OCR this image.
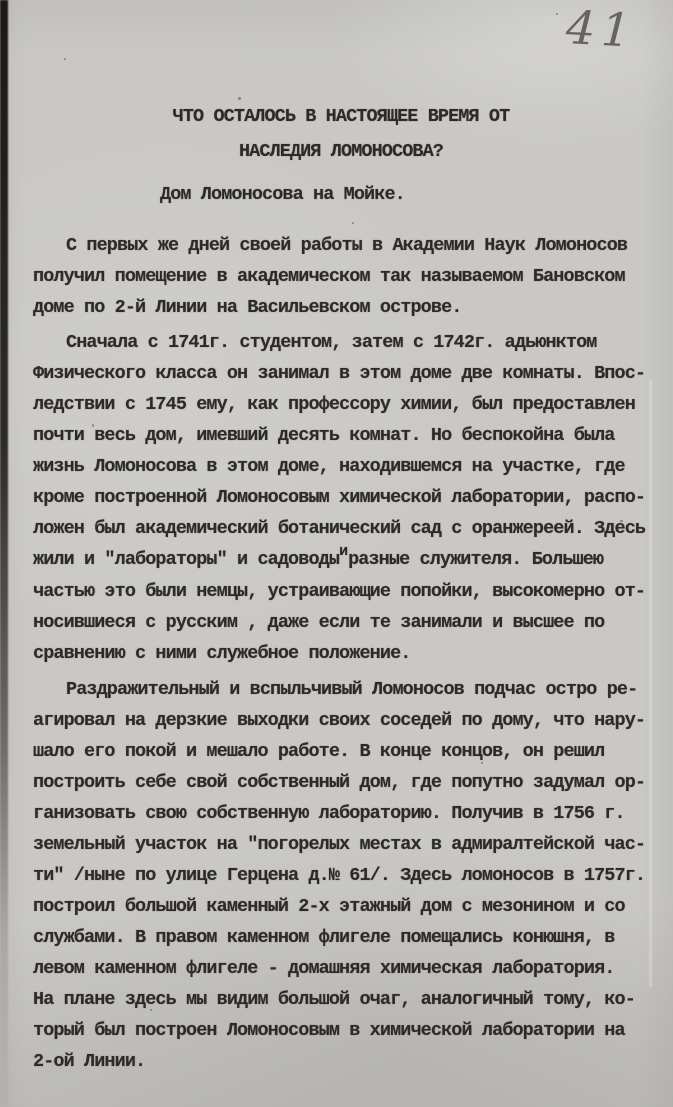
41
ЧТО ОСТАЛОСЬ В НАСТОЯЩЕЕ ВРЕМЯ ОТ
НАСЛЕДИЯ ЛОМОНОСОВА?
Дом Ломоносова на Мойке.
С первых же дней своей работы в Академии Наук Ломоносов
получил помещение в академическом так называемом Бановском
доме по 2-й Линии на Васильевском острове.
Сначала с 1741г. студентом, затем с 1742г. адьюнктом
Физического класса он занимал в этом доме две комнаты. Впос-
ледствии с 1745 ему, как профессору химии, был предоставлен
почти весь дом, имевший десять комнат. Но беспокойна была
жизнь Ломоносова в этом доме, находившемся на участке, где
кроме построенной Ломоносовым химической лаборатории, распо-
ложен был академический ботанический сад с оранжереей. Здесь
жили и "лабораторы" и садоводыиразные служителя. Большею
частью это были немцы, устраивающие попойки, высокомерно от-
носившиеся с русским , даже если те занимали и высшее по
сравнению с ними служебное положение.
Раздражительный и вспыльчивый Ломоносов подчас остро ре-
агировал на дерзкие выходки своих соседей по дому, что нару-
шало его покой и мешало работе. В конце концов, он решил
построить себе свой собственный дом, где попутно задумал ор-
ганизовать свою собственную лабораторию. Получив в 1756 г.
земельный участок на "погорелых местах в адмиралтейской час-
ти" /ныне по улице Герцена д.№ 61/. Здесь ломоносов в 1757г.
построил большой каменный 2-х этажный дом с мезонином и со
службами. В правом каменном флигеле помещались конюшня, в
левом каменном флигеле - домашняя химическая лаборатория.
На плане здесь мы видим большой очаг, аналогичный тому, ко-
торый был построен Ломоносовым в химической лаборатории на
2-ой Линии.
